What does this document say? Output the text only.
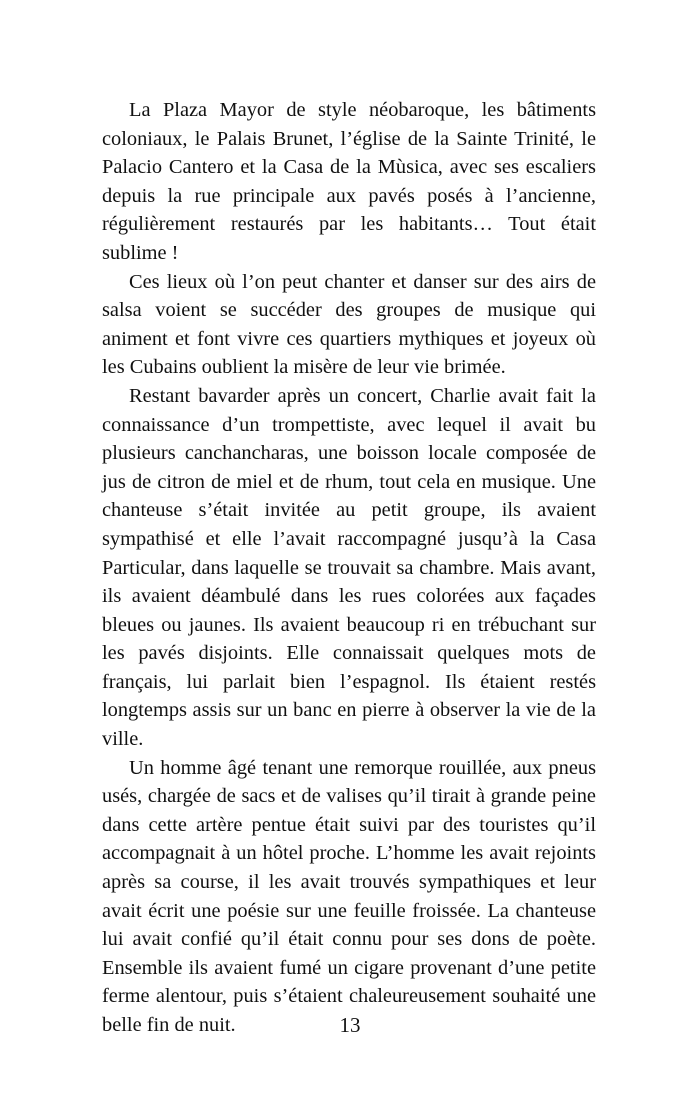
La Plaza Mayor de style néobaroque, les bâtiments coloniaux, le Palais Brunet, l’église de la Sainte Trinité, le Palacio Cantero et la Casa de la Mùsica, avec ses escaliers depuis la rue principale aux pavés posés à l’ancienne, régulièrement restaurés par les habitants… Tout était sublime !

Ces lieux où l’on peut chanter et danser sur des airs de salsa voient se succéder des groupes de musique qui animent et font vivre ces quartiers mythiques et joyeux où les Cubains oublient la misère de leur vie brimée.

Restant bavarder après un concert, Charlie avait fait la connaissance d’un trompettiste, avec lequel il avait bu plusieurs canchancharas, une boisson locale composée de jus de citron de miel et de rhum, tout cela en musique. Une chanteuse s’était invitée au petit groupe, ils avaient sympathisé et elle l’avait raccompagné jusqu’à la Casa Particular, dans laquelle se trouvait sa chambre. Mais avant, ils avaient déambulé dans les rues colorées aux façades bleues ou jaunes. Ils avaient beaucoup ri en trébuchant sur les pavés disjoints. Elle connaissait quelques mots de français, lui parlait bien l’espagnol. Ils étaient restés longtemps assis sur un banc en pierre à observer la vie de la ville.

Un homme âgé tenant une remorque rouillée, aux pneus usés, chargée de sacs et de valises qu’il tirait à grande peine dans cette artère pentue était suivi par des touristes qu’il accompagnait à un hôtel proche. L’homme les avait rejoints après sa course, il les avait trouvés sympathiques et leur avait écrit une poésie sur une feuille froissée. La chanteuse lui avait confié qu’il était connu pour ses dons de poète. Ensemble ils avaient fumé un cigare provenant d’une petite ferme alentour, puis s’étaient chaleureusement souhaité une belle fin de nuit.	13
